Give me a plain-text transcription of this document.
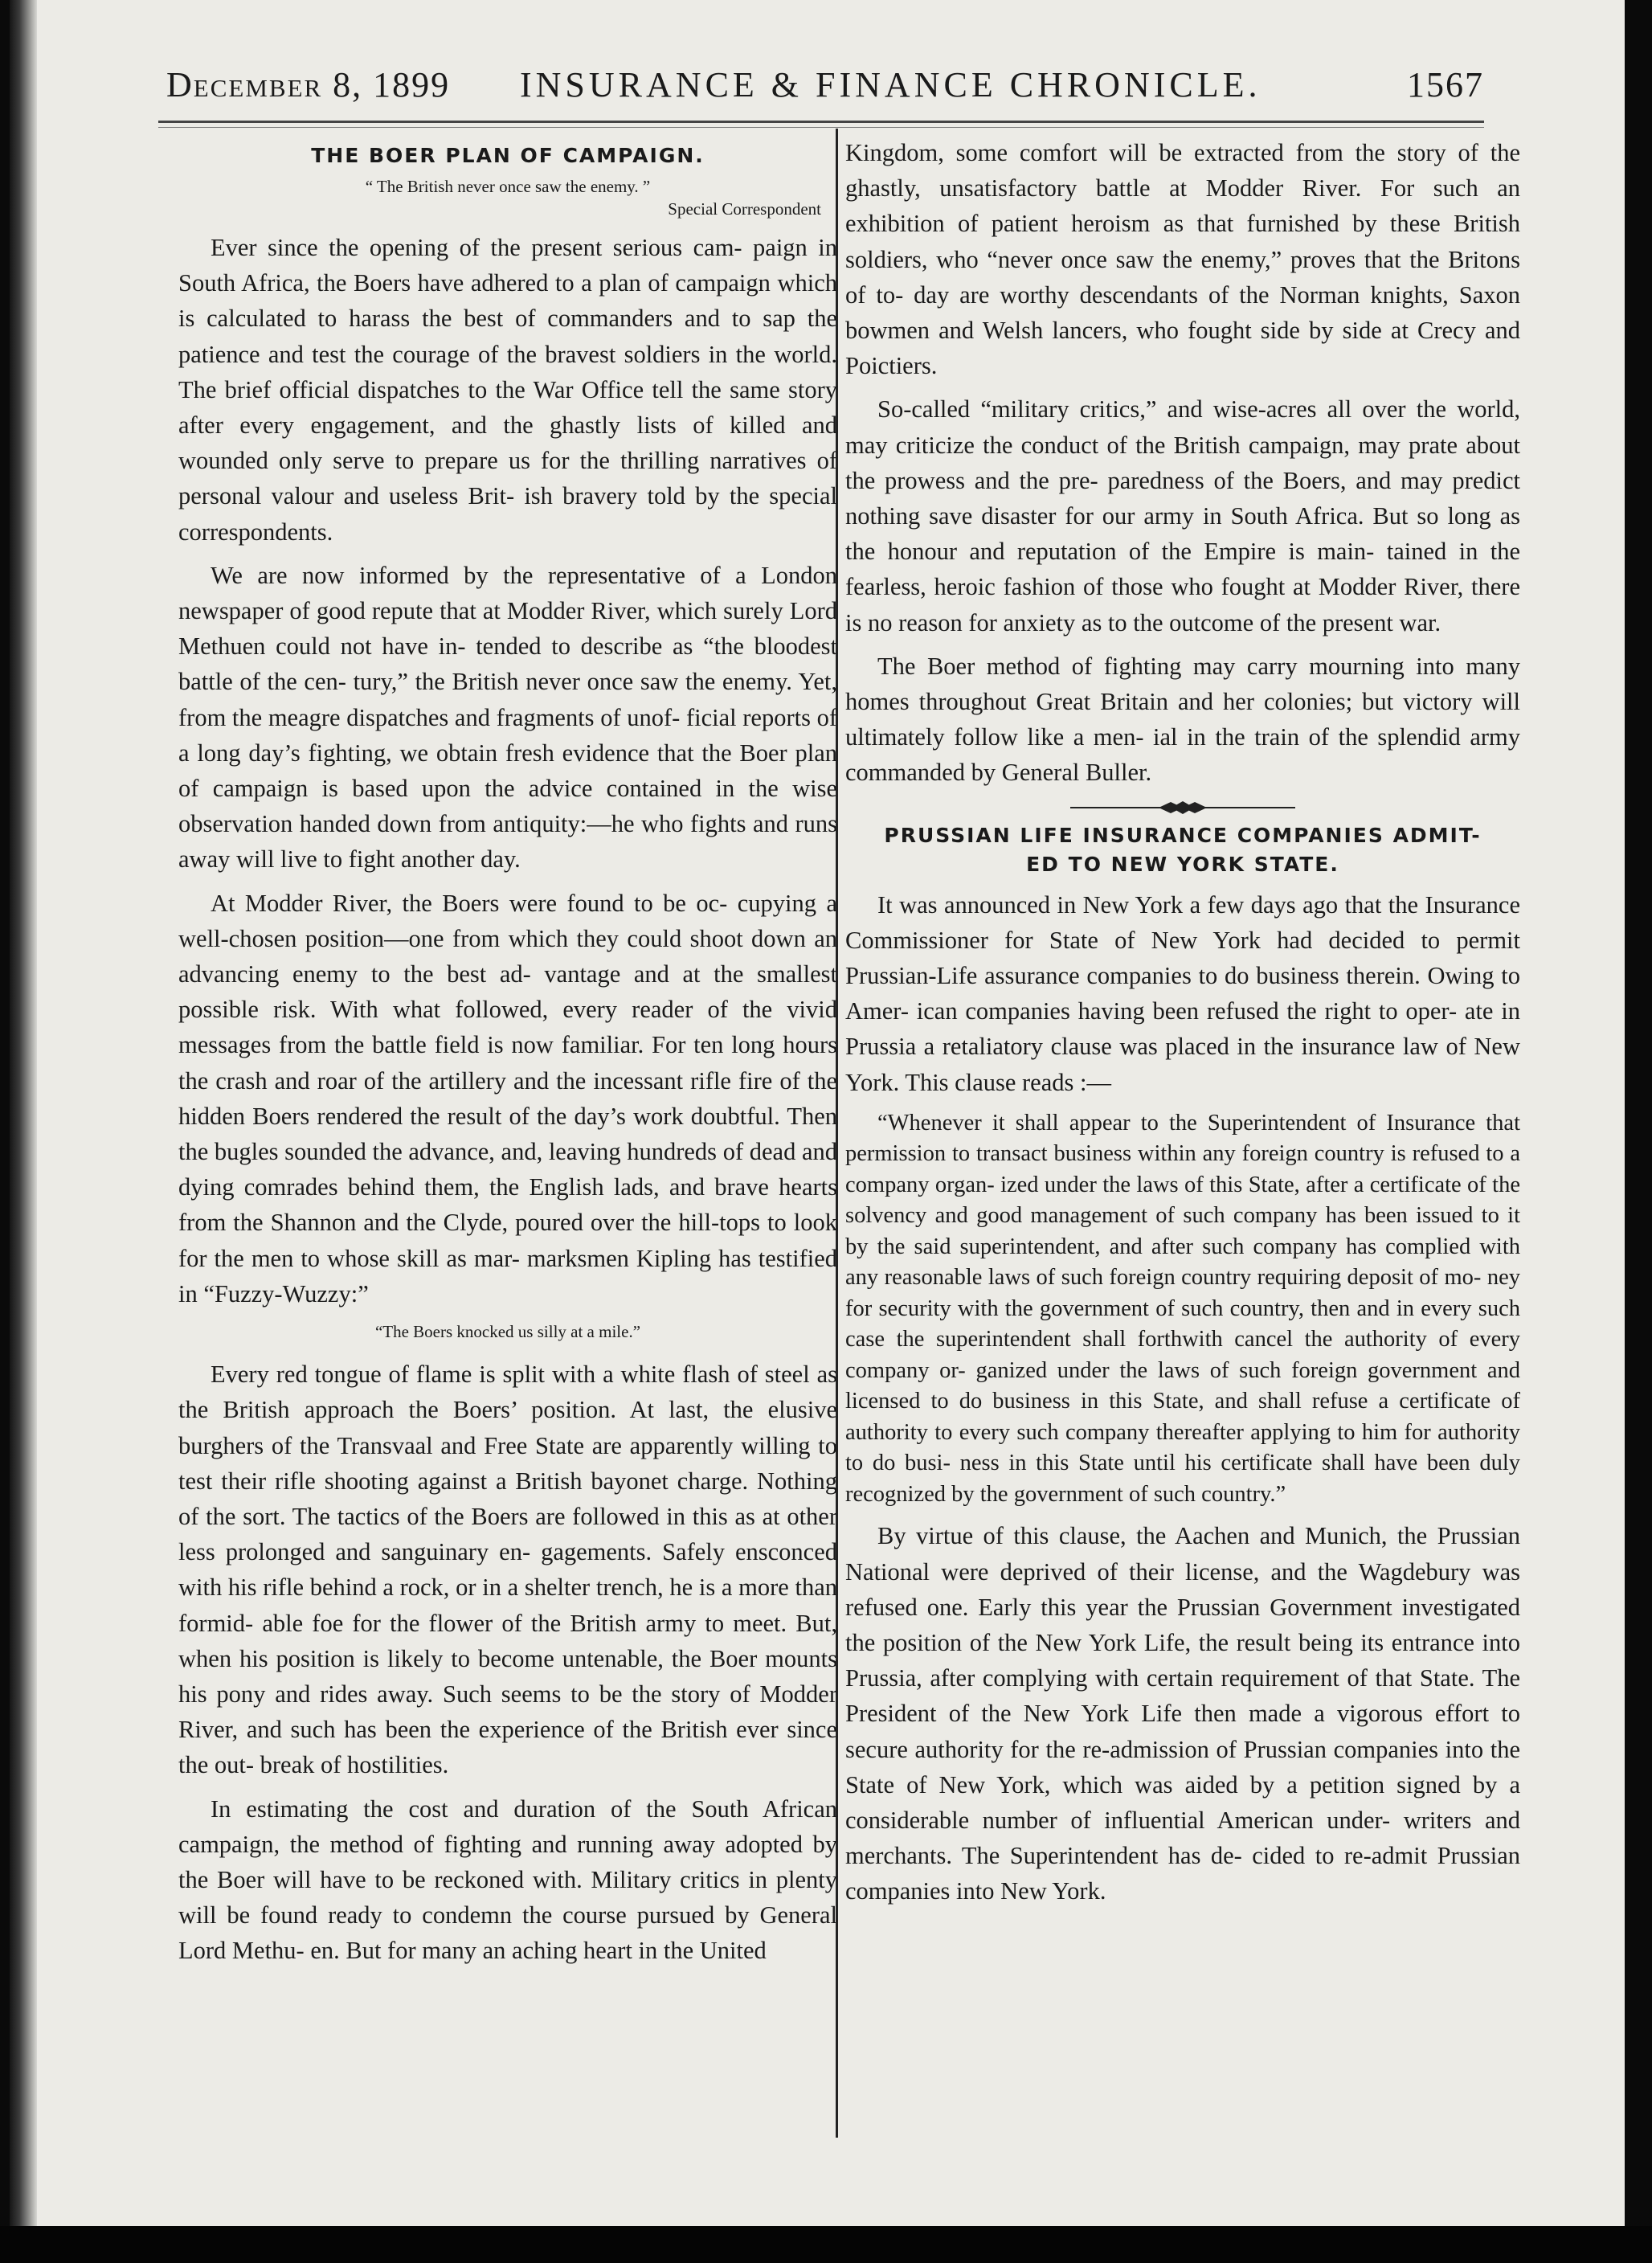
December 8, 1899 INSURANCE & FINANCE CHRONICLE.	1567
THE BOER PLAN OF CAMPAIGN.
“ The British never once saw the enemy. ”
Special Correspondent

Ever since the opening of the present serious cam- paign in South Africa, the Boers have adhered to a plan of campaign which is calculated to harass the best of commanders and to sap the patience and test the courage of the bravest soldiers in the world. The brief official dispatches to the War Office tell the same story after every engagement, and the ghastly lists of killed and wounded only serve to prepare us for the thrilling narratives of personal valour and useless Brit- ish bravery told by the special correspondents.

We are now informed by the representative of a London newspaper of good repute that at Modder River, which surely Lord Methuen could not have in- tended to describe as “the bloodest battle of the cen- tury,” the British never once saw the enemy. Yet, from the meagre dispatches and fragments of unof- ficial reports of a long day’s fighting, we obtain fresh evidence that the Boer plan of campaign is based upon the advice contained in the wise observation handed down from antiquity:—he who fights and runs away will live to fight another day.

At Modder River, the Boers were found to be oc- cupying a well-chosen position—one from which they could shoot down an advancing enemy to the best ad- vantage and at the smallest possible risk. With what followed, every reader of the vivid messages from the battle field is now familiar. For ten long hours the crash and roar of the artillery and the incessant rifle fire of the hidden Boers rendered the result of the day’s work doubtful. Then the bugles sounded the advance, and, leaving hundreds of dead and dying comrades behind them, the English lads, and brave hearts from the Shannon and the Clyde, poured over the hill-tops to look for the men to whose skill as mar- marksmen Kipling has testified in “Fuzzy-Wuzzy:”

“The Boers knocked us silly at a mile.”

Every red tongue of flame is split with a white flash of steel as the British approach the Boers’ position. At last, the elusive burghers of the Transvaal and Free State are apparently willing to test their rifle shooting against a British bayonet charge. Nothing of the sort. The tactics of the Boers are followed in this as at other less prolonged and sanguinary en- gagements. Safely ensconced with his rifle behind a rock, or in a shelter trench, he is a more than formid- able foe for the flower of the British army to meet. But, when his position is likely to become untenable, the Boer mounts his pony and rides away. Such seems to be the story of Modder River, and such has been the experience of the British ever since the out- break of hostilities.

In estimating the cost and duration of the South African campaign, the method of fighting and running away adopted by the Boer will have to be reckoned with. Military critics in plenty will be found ready to condemn the course pursued by General Lord Methu- en. But for many an aching heart in the United

Kingdom, some comfort will be extracted from the story of the ghastly, unsatisfactory battle at Modder River. For such an exhibition of patient heroism as that furnished by these British soldiers, who “never once saw the enemy,” proves that the Britons of to- day are worthy descendants of the Norman knights, Saxon bowmen and Welsh lancers, who fought side by side at Crecy and Poictiers.

So-called “military critics,” and wise-acres all over the world, may criticize the conduct of the British campaign, may prate about the prowess and the pre- paredness of the Boers, and may predict nothing save disaster for our army in South Africa. But so long as the honour and reputation of the Empire is main- tained in the fearless, heroic fashion of those who fought at Modder River, there is no reason for anxiety as to the outcome of the present war.

The Boer method of fighting may carry mourning into many homes throughout Great Britain and her colonies; but victory will ultimately follow like a men- ial in the train of the splendid army commanded by General Buller.

PRUSSIAN LIFE INSURANCE COMPANIES ADMIT-
ED TO NEW YORK STATE.

It was announced in New York a few days ago that the Insurance Commissioner for State of New York had decided to permit Prussian-Life assurance companies to do business therein. Owing to Amer- ican companies having been refused the right to oper- ate in Prussia a retaliatory clause was placed in the insurance law of New York. This clause reads :—

“Whenever it shall appear to the Superintendent of Insurance that permission to transact business within any foreign country is refused to a company organ- ized under the laws of this State, after a certificate of the solvency and good management of such company has been issued to it by the said superintendent, and after such company has complied with any reasonable laws of such foreign country requiring deposit of mo- ney for security with the government of such country, then and in every such case the superintendent shall forthwith cancel the authority of every company or- ganized under the laws of such foreign government and licensed to do business in this State, and shall refuse a certificate of authority to every such company thereafter applying to him for authority to do busi- ness in this State until his certificate shall have been duly recognized by the government of such country.”

By virtue of this clause, the Aachen and Munich, the Prussian National were deprived of their license, and the Wagdebury was refused one. Early this year the Prussian Government investigated the position of the New York Life, the result being its entrance into Prussia, after complying with certain requirement of that State. The President of the New York Life then made a vigorous effort to secure authority for the re-admission of Prussian companies into the State of New York, which was aided by a petition signed by a considerable number of influential American under- writers and merchants. The Superintendent has de- cided to re-admit Prussian companies into New York.
